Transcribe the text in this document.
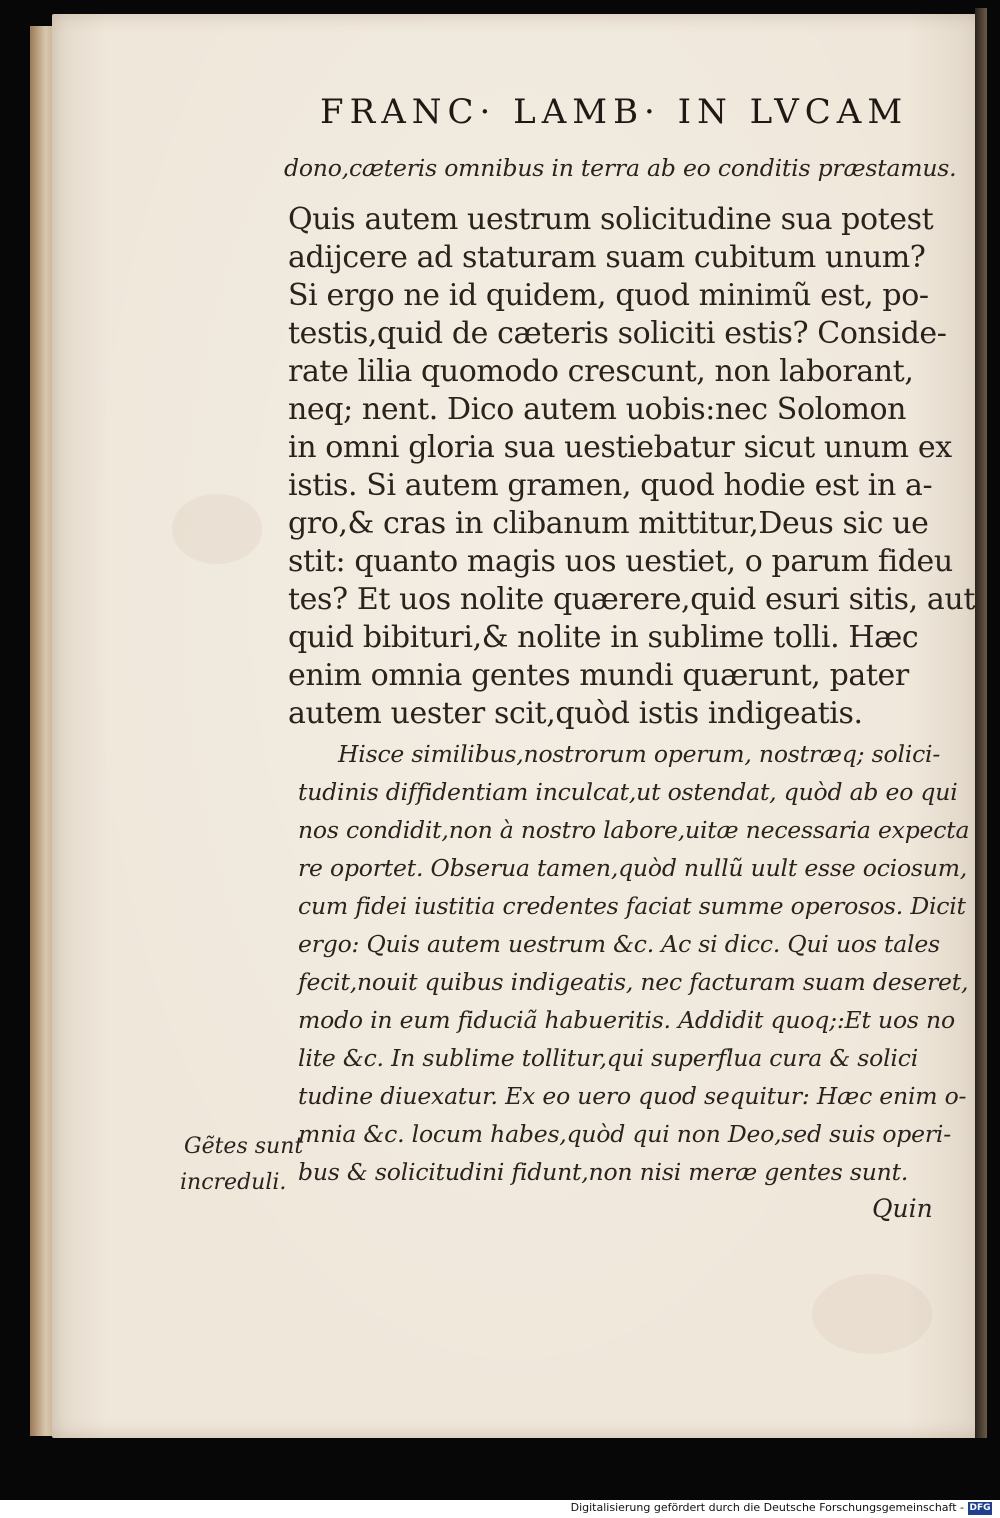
FRANC· LAMB· IN LVCAM
dono,cæteris omnibus in terra ab eo conditis præstamus.
Quis autem uestrum solicitudine sua potest
adijcere ad staturam suam cubitum unum?
Si ergo ne id quidem, quod minimũ est, po-
testis,quid de cæteris soliciti estis? Conside-
rate lilia quomodo crescunt, non laborant,
neq; nent. Dico autem uobis:nec Solomon
in omni gloria sua uestiebatur sicut unum ex
istis. Si autem gramen, quod hodie est in a-
gro,& cras in clibanum mittitur,Deus sic ue
stit: quanto magis uos uestiet, o parum fideu
tes? Et uos nolite quærere,quid esuri sitis, aut
quid bibituri,& nolite in sublime tolli. Hæc
enim omnia gentes mundi quærunt, pater
autem uester scit,quòd istis indigeatis.
Hisce similibus,nostrorum operum, nostræq; solici-
tudinis diffidentiam inculcat,ut ostendat, quòd ab eo qui
nos condidit,non à nostro labore,uitæ necessaria expecta
re oportet. Obserua tamen,quòd nullũ uult esse ociosum,
cum fidei iustitia credentes faciat summe operosos. Dicit
ergo: Quis autem uestrum &c. Ac si dicc. Qui uos tales
fecit,nouit quibus indigeatis, nec facturam suam deseret,
modo in eum fiduciã habueritis. Addidit quoq;:Et uos no
lite &c. In sublime tollitur,qui superflua cura & solici
tudine diuexatur. Ex eo uero quod sequitur: Hæc enim o-
mnia &c. locum habes,quòd qui non Deo,sed suis operi-
bus & solicitudini fidunt,non nisi meræ gentes sunt.
Gẽtes sunt
increduli.
Quin
Digitalisierung gefördert durch die Deutsche Forschungsgemeinschaft - DFG
